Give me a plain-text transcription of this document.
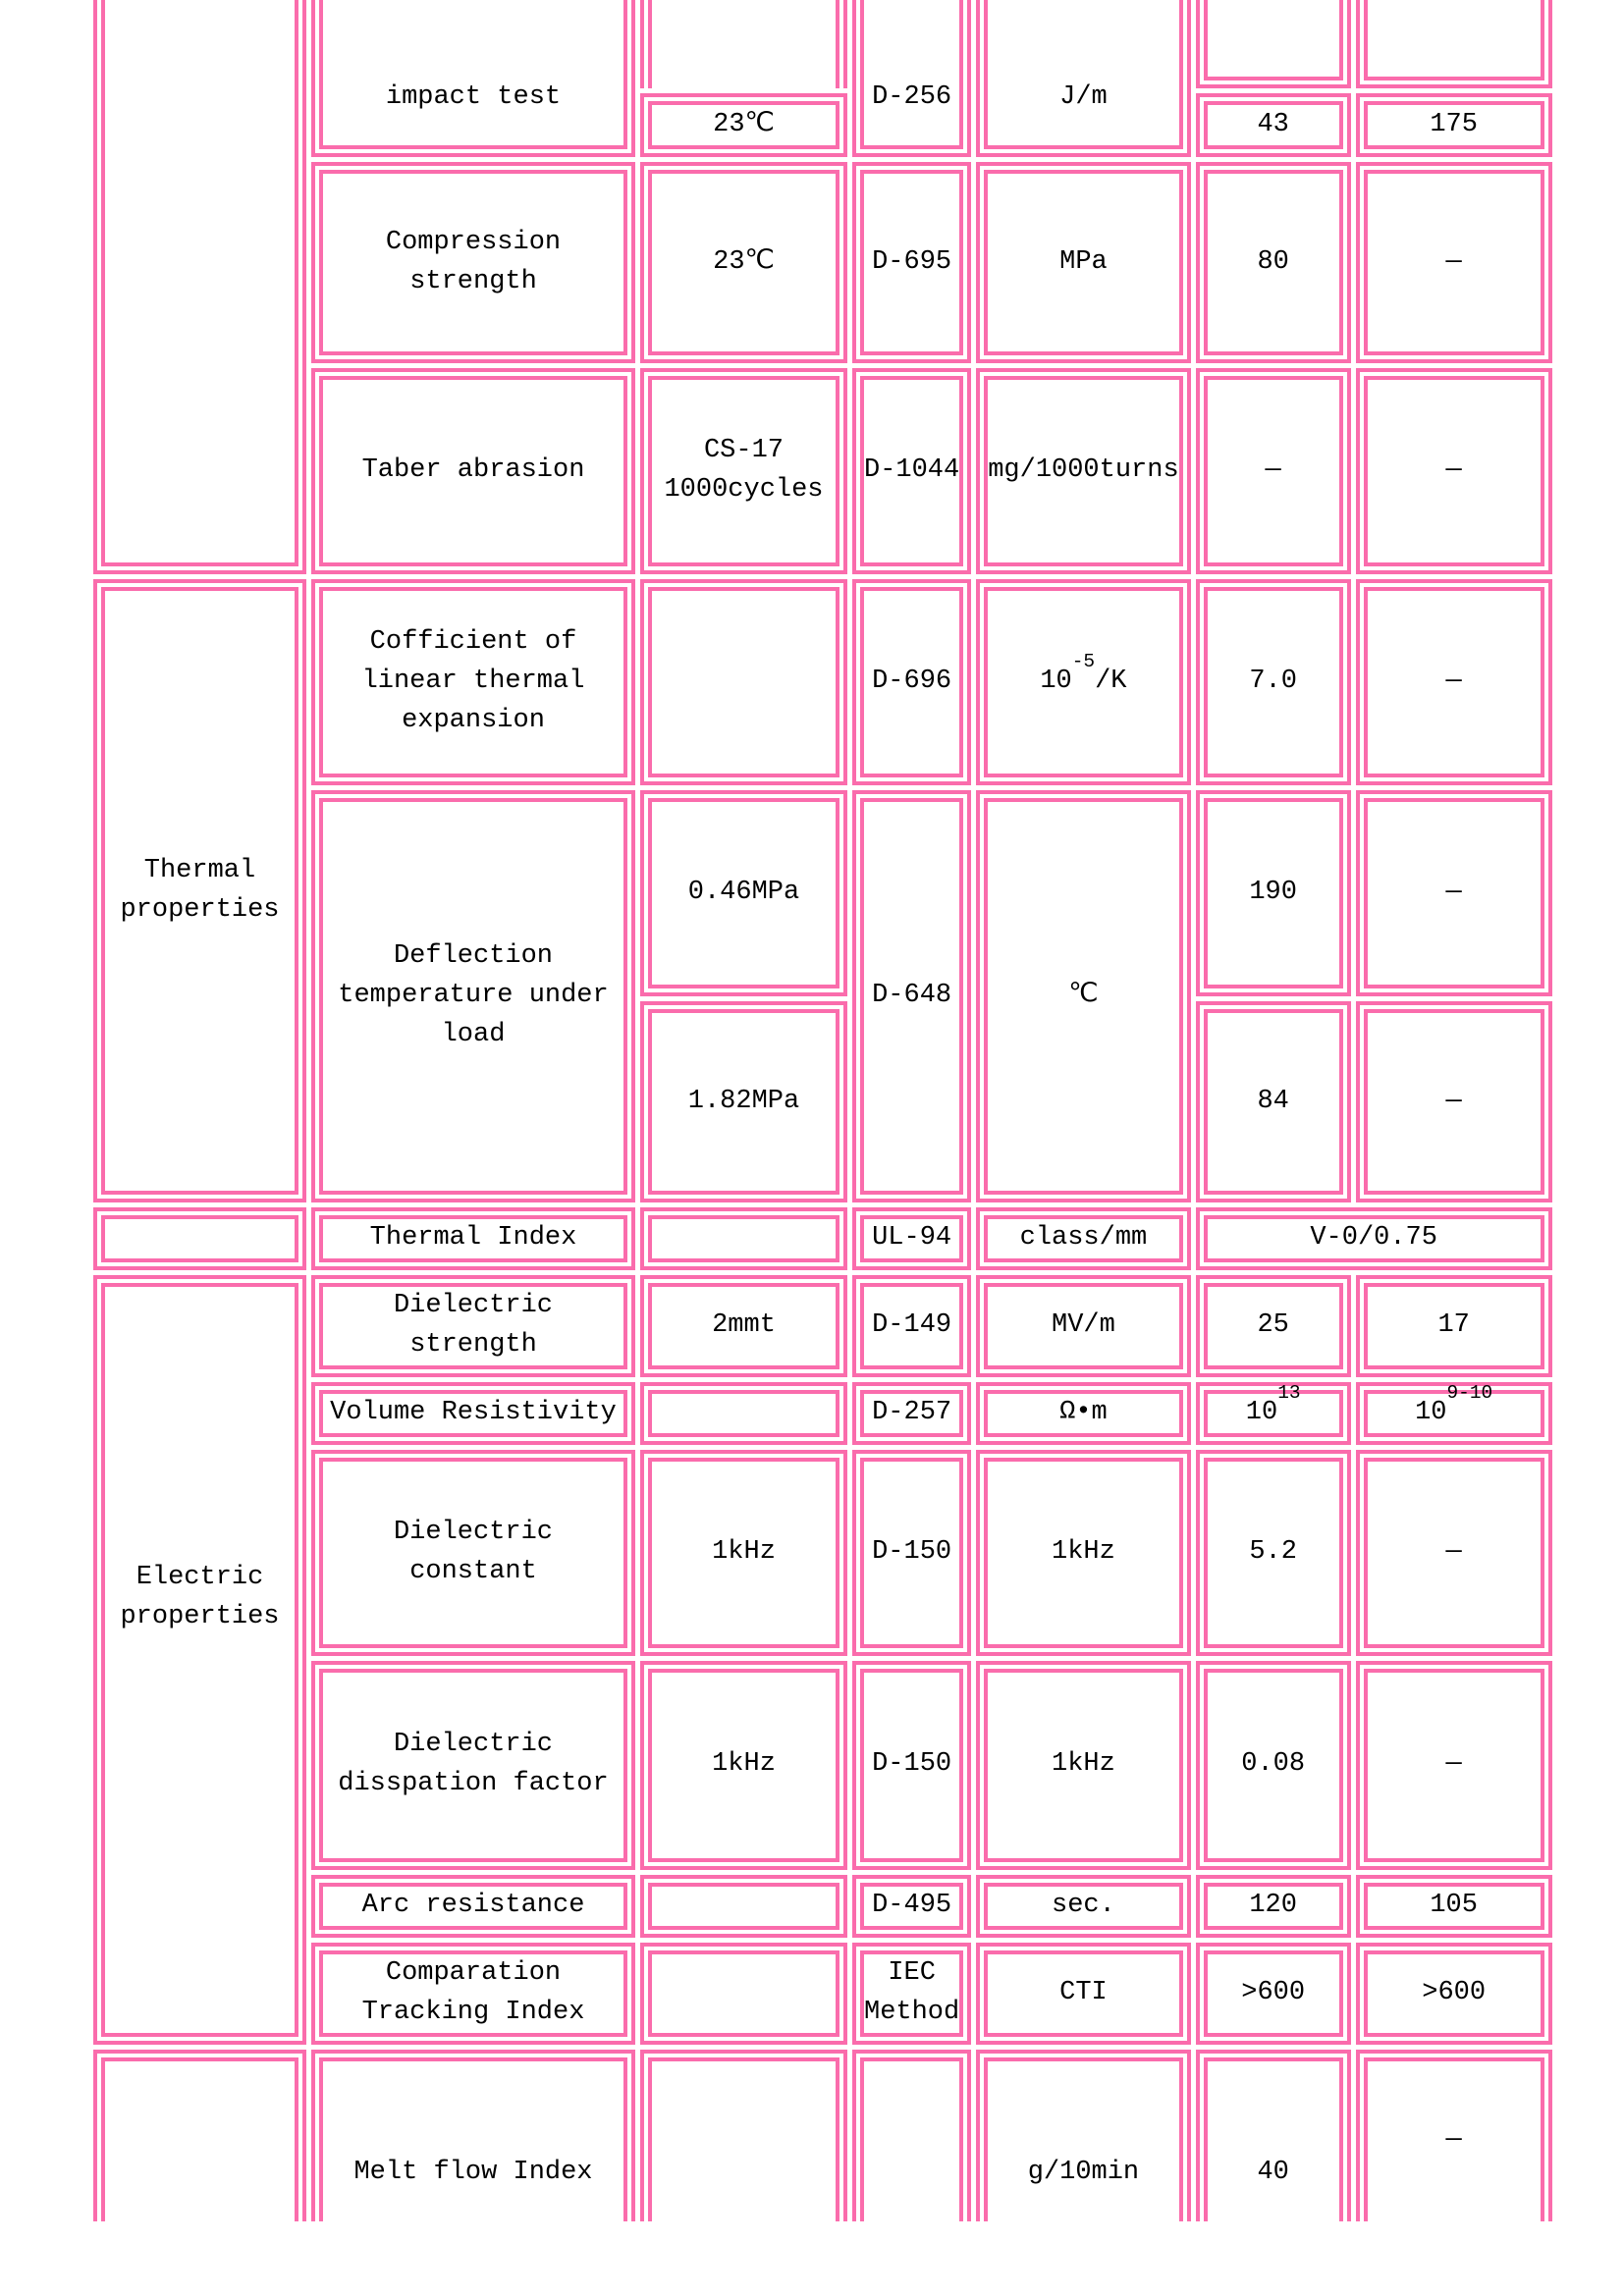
	impact test		D-256	J/m		
		23℃			43	175
	Compression strength	23℃	D-695	MPa	80	—
	Taber abrasion	CS-17 1000cycles	D-1044	mg/1000turns	—	—
Thermal properties	Cofficient of linear thermal expansion		D-696	$10^{-5}/K$	7.0	—
	Deflection temperature under load	0.46MPa	D-648	℃	190	—
		1.82MPa			84	—
	Thermal Index		UL-94	class/mm	V-0/0.75	
Electric properties	Dielectric strength	2mmt	D-149	MV/m	25	17
	Volume Resistivity		D-257	Ω•m	$10^{13}$	10$^{9-10}$
	Dielectric constant	1kHz	D-150	1kHz	5.2	—
	Dielectric disspation factor	1kHz	D-150	1kHz	0.08	—
	Arc resistance		D-495	sec.	120	105
	Comparation Tracking Index		IEC Method	CTI	>600	>600
	Melt flow Index			g/10min	40	—
